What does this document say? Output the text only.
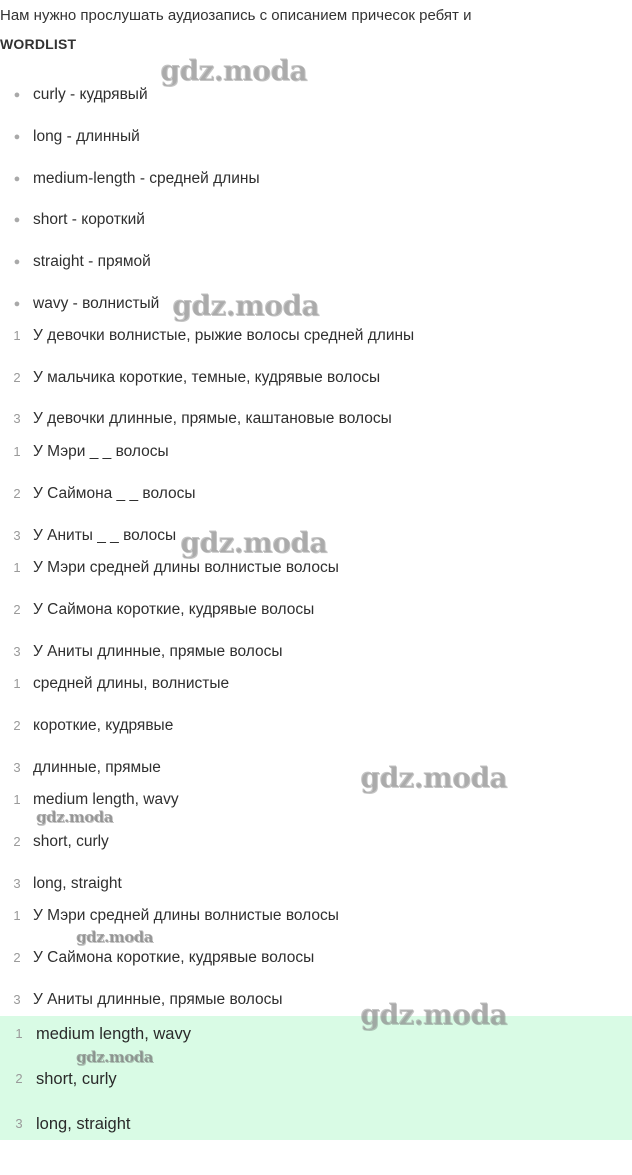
Нам нужно прослушать аудиозапись с описанием причесок ребят и
WORDLIST
● curly - кудрявый
● long - длинный
● medium-length - средней длины
● short - короткий
● straight - прямой
● wavy - волнистый
1 У девочки волнистые, рыжие волосы средней длины
2 У мальчика короткие, темные, кудрявые волосы
3 У девочки длинные, прямые, каштановые волосы
1 У Мэри _ _ волосы
2 У Саймона _ _ волосы
3 У Аниты _ _ волосы
1 У Мэри средней длины волнистые волосы
2 У Саймона короткие, кудрявые волосы
3 У Аниты длинные, прямые волосы
1 средней длины, волнистые
2 короткие, кудрявые
3 длинные, прямые
1 medium length, wavy
2 short, curly
3 long, straight
1 У Мэри средней длины волнистые волосы
2 У Саймона короткие, кудрявые волосы
3 У Аниты длинные, прямые волосы
1 medium length, wavy
2 short, curly
3 long, straight
gdz.moda
gdz.moda
gdz.moda
gdz.moda
gdz.moda
gdz.moda
gdz.moda
gdz.moda
